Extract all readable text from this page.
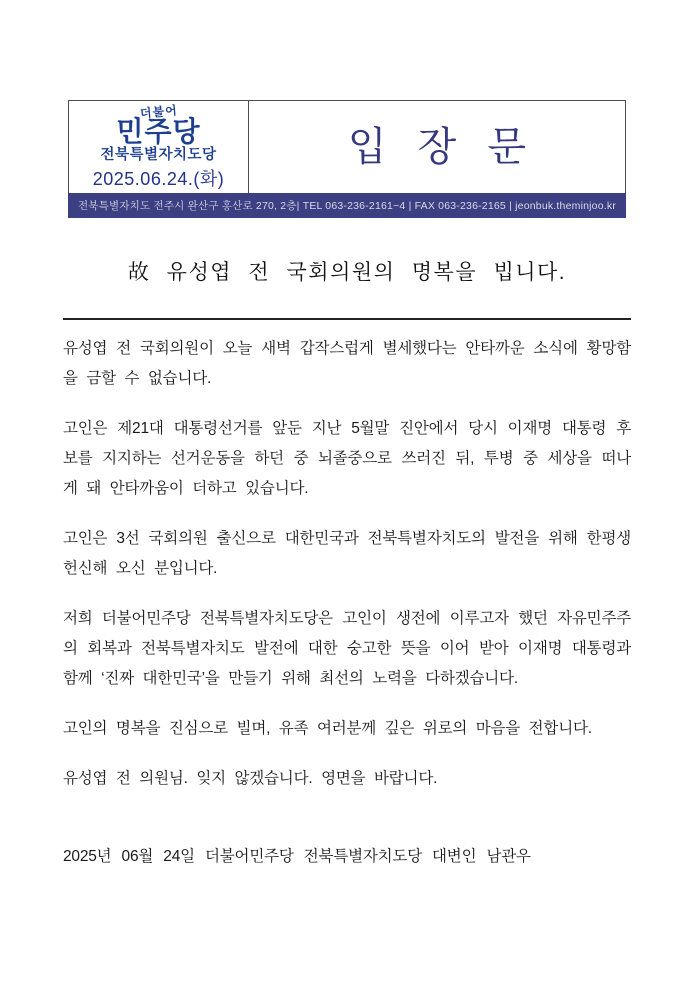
더불어
민주당
전북특별자치도당
2025.06.24.(화)
입 장 문
전북특별자치도 전주시 완산구 홍산로 270, 2층| TEL 063-236-2161~4 | FAX 063-236-2165 | jeonbuk.theminjoo.kr
故 유성엽 전 국회의원의 명복을 빕니다.

유성엽 전 국회의원이 오늘 새벽 갑작스럽게 별세했다는 안타까운 소식에 황망함을 금할 수 없습니다.

고인은 제21대 대통령선거를 앞둔 지난 5월말 진안에서 당시 이재명 대통령 후보를 지지하는 선거운동을 하던 중 뇌졸중으로 쓰러진 뒤, 투병 중 세상을 떠나게 돼 안타까움이 더하고 있습니다.

고인은 3선 국회의원 출신으로 대한민국과 전북특별자치도의 발전을 위해 한평생 헌신해 오신 분입니다.

저희 더불어민주당 전북특별자치도당은 고인이 생전에 이루고자 했던 자유민주주의 회복과 전북특별자치도 발전에 대한 숭고한 뜻을 이어 받아 이재명 대통령과 함께 ‘진짜 대한민국’을 만들기 위해 최선의 노력을 다하겠습니다.

고인의 명복을 진심으로 빌며, 유족 여러분께 깊은 위로의 마음을 전합니다.

유성엽 전 의원님. 잊지 않겠습니다. 영면을 바랍니다.

2025년 06월 24일 더불어민주당 전북특별자치도당 대변인 남관우
